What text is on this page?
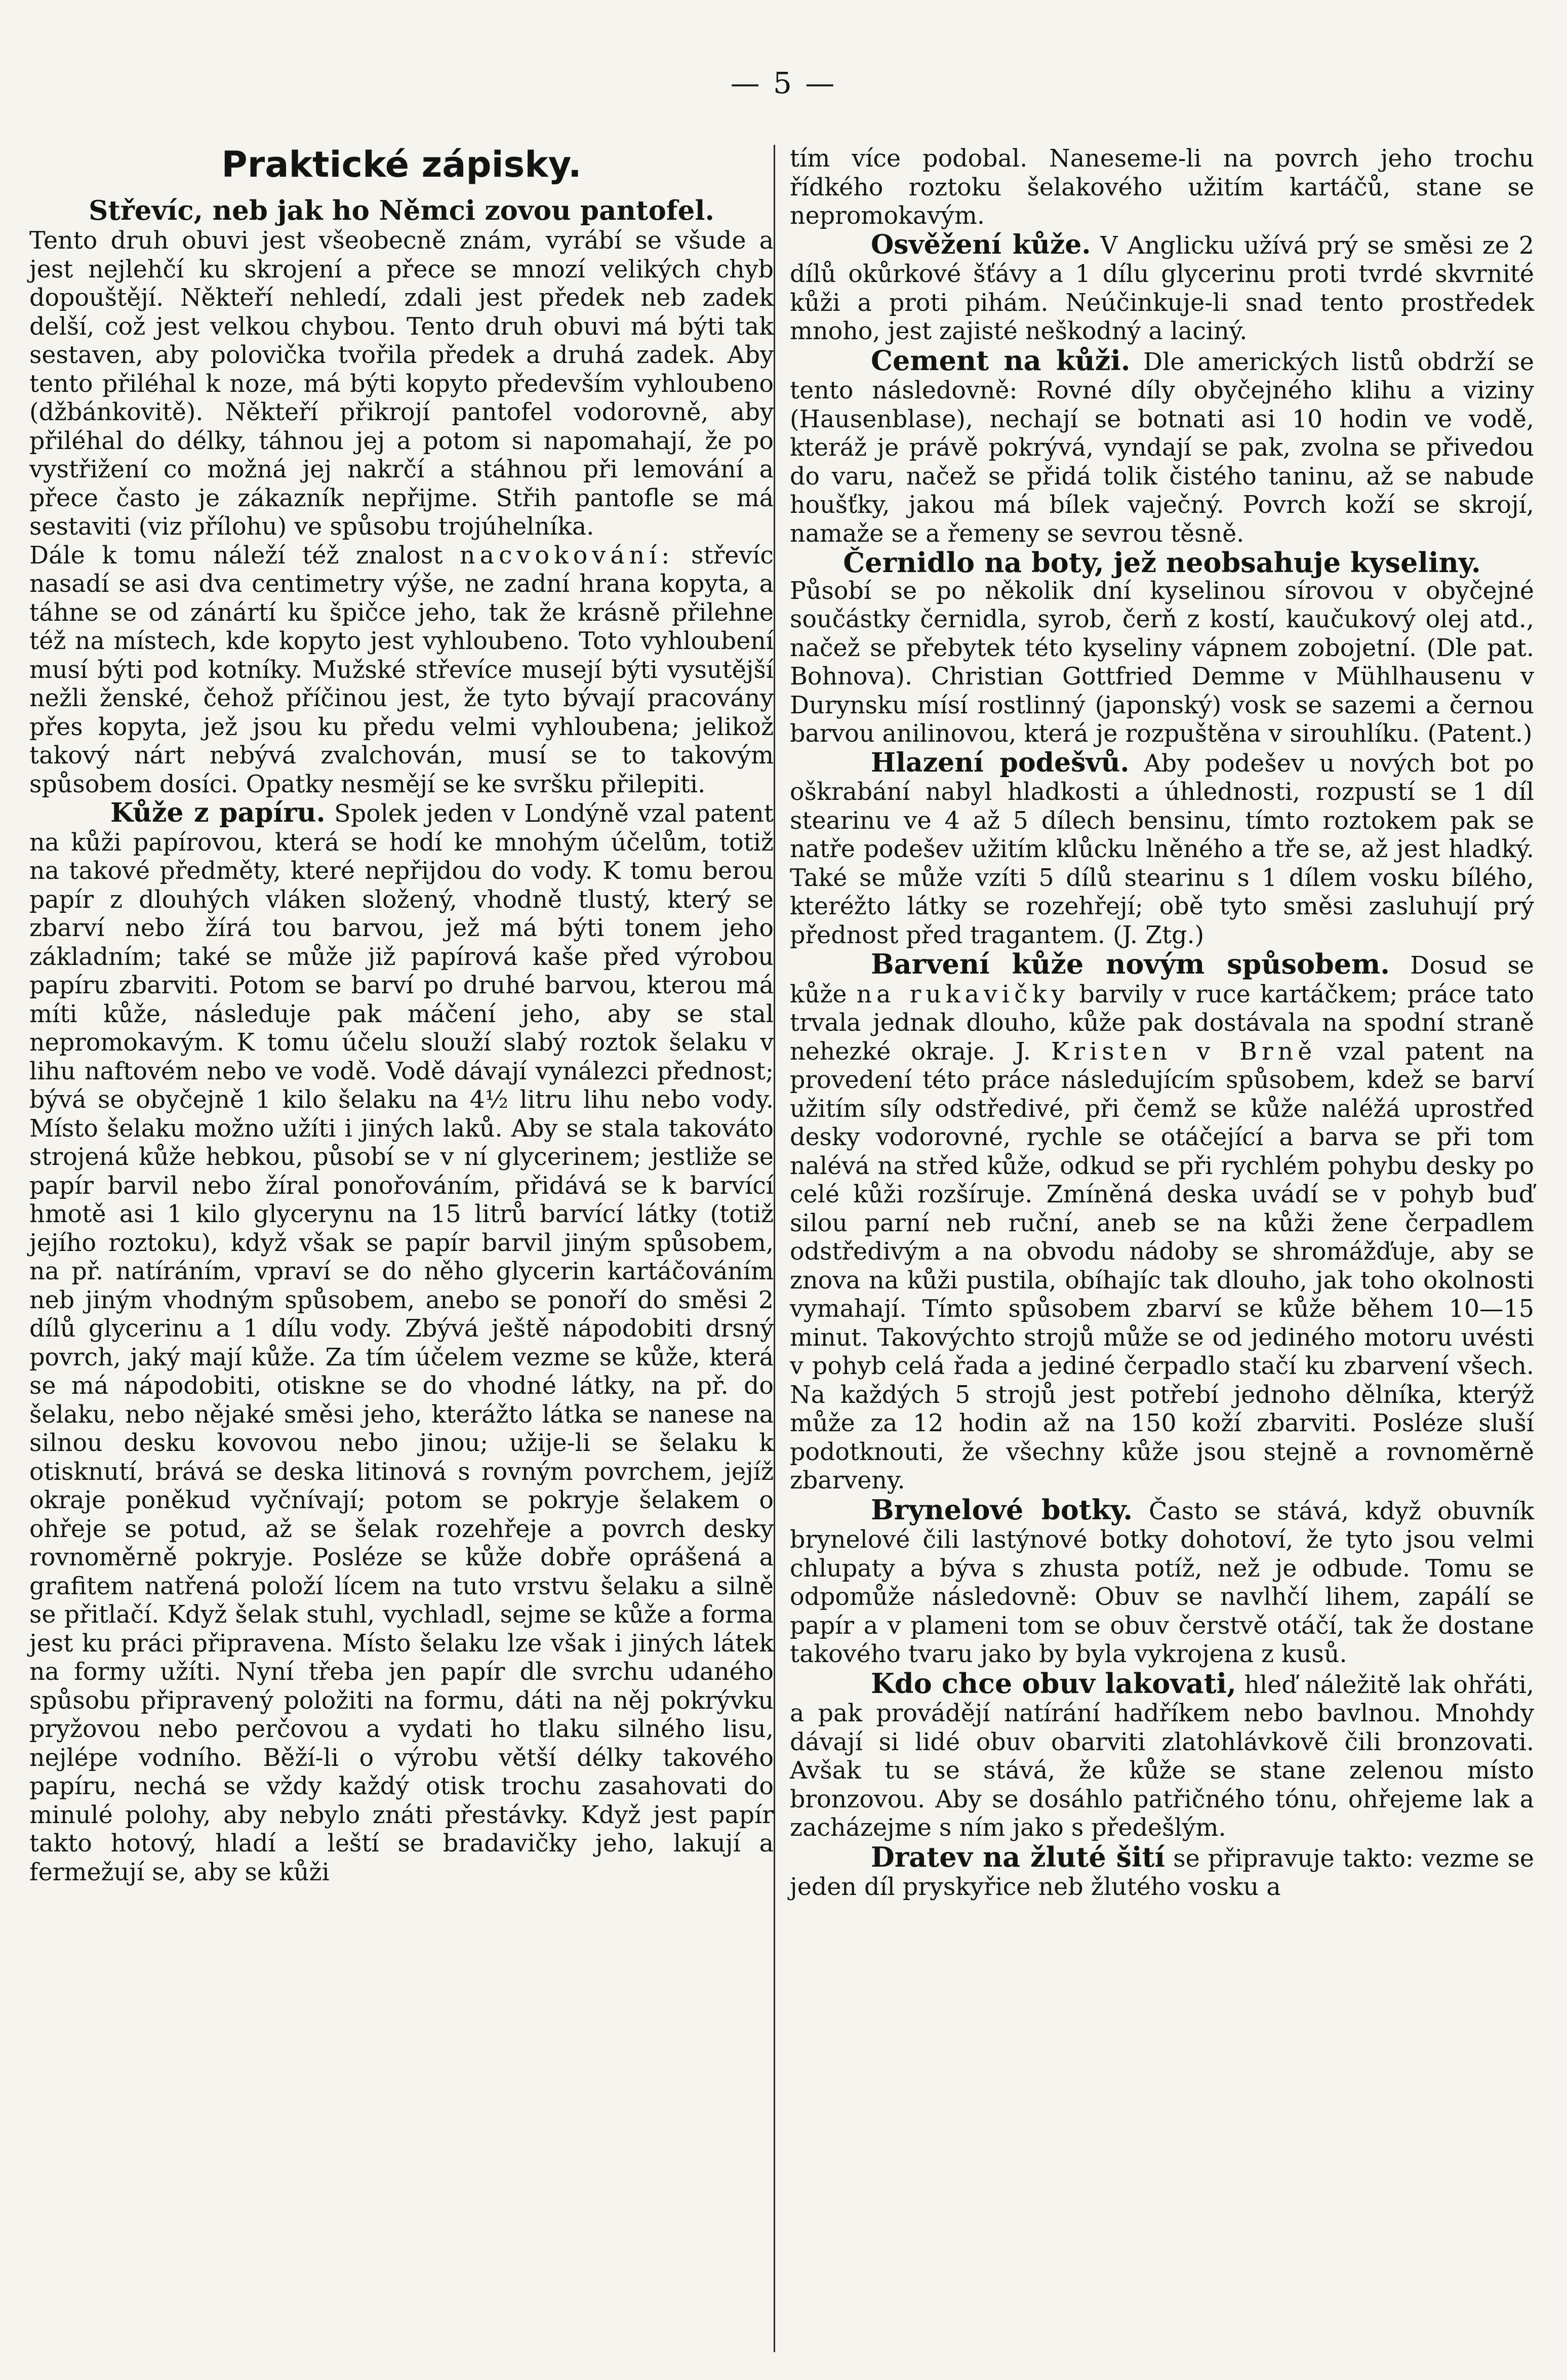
— 5 —
Praktické zápisky.
Střevíc, neb jak ho Němci zovou pantofel.

Tento druh obuvi jest všeobecně znám, vyrábí se všude a jest nejlehčí ku skrojení a přece se mnozí velikých chyb dopouštějí. Někteří nehledí, zdali jest předek neb zadek delší, což jest velkou chybou. Tento druh obuvi má býti tak sestaven, aby polovička tvořila předek a druhá zadek. Aby tento přiléhal k noze, má býti kopyto především vyhloubeno (džbánkovitě). Někteří přikrojí pantofel vodorovně, aby přiléhal do délky, táhnou jej a potom si napomahají, že po vystřižení co možná jej nakrčí a stáhnou při lemování a přece často je zákazník nepřijme. Střih pantofle se má sestaviti (viz přílohu) ve spůsobu trojúhelníka.

Dále k tomu náleží též znalost nacvokování: střevíc nasadí se asi dva centimetry výše, ne zadní hrana kopyta, a táhne se od zánártí ku špičce jeho, tak že krásně přilehne též na místech, kde kopyto jest vyhloubeno. Toto vyhloubení musí býti pod kotníky. Mužské střevíce musejí býti vysutější nežli ženské, čehož příčinou jest, že tyto bývají pracovány přes kopyta, jež jsou ku předu velmi vyhloubena; jelikož takový nárt nebývá zvalchován, musí se to takovým spůsobem dosíci. Opatky nesmějí se ke svršku přilepiti.

Kůže z papíru. Spolek jeden v Londýně vzal patent na kůži papírovou, která se hodí ke mnohým účelům, totiž na takové předměty, které nepřijdou do vody. K tomu berou papír z dlouhých vláken složený, vhodně tlustý, který se zbarví nebo žírá tou barvou, jež má býti tonem jeho základním; také se může již papírová kaše před výrobou papíru zbarviti. Potom se barví po druhé barvou, kterou má míti kůže, následuje pak máčení jeho, aby se stal nepromokavým. K tomu účelu slouží slabý roztok šelaku v lihu naftovém nebo ve vodě. Vodě dávají vynálezci přednost; bývá se obyčejně 1 kilo šelaku na 4½ litru lihu nebo vody. Místo šelaku možno užíti i jiných laků. Aby se stala takováto strojená kůže hebkou, působí se v ní glycerinem; jestliže se papír barvil nebo žíral ponořováním, přidává se k barvící hmotě asi 1 kilo glycerynu na 15 litrů barvící látky (totiž jejího roztoku), když však se papír barvil jiným spůsobem, na př. natíráním, vpraví se do něho glycerin kartáčováním neb jiným vhodným spůsobem, anebo se ponoří do směsi 2 dílů glycerinu a 1 dílu vody. Zbývá ještě nápodobiti drsný povrch, jaký mají kůže. Za tím účelem vezme se kůže, která se má nápodobiti, otiskne se do vhodné látky, na př. do šelaku, nebo nějaké směsi jeho, kterážto látka se nanese na silnou desku kovovou nebo jinou; užije-li se šelaku k otisknutí, brává se deska litinová s rovným povrchem, jejíž okraje poněkud vyčnívají; potom se pokryje šelakem o ohřeje se potud, až se šelak rozehřeje a povrch desky rovnoměrně pokryje. Posléze se kůže dobře oprášená a grafitem natřená položí lícem na tuto vrstvu šelaku a silně se přitlačí. Když šelak stuhl, vychladl, sejme se kůže a forma jest ku práci připravena. Místo šelaku lze však i jiných látek na formy užíti. Nyní třeba jen papír dle svrchu udaného spůsobu připravený položiti na formu, dáti na něj pokrývku pryžovou nebo perčovou a vydati ho tlaku silného lisu, nejlépe vodního. Běží-li o výrobu větší délky takového papíru, nechá se vždy každý otisk trochu zasahovati do minulé polohy, aby nebylo znáti přestávky. Když jest papír takto hotový, hladí a leští se bradavičky jeho, lakují a fermežují se, aby se kůži

tím více podobal. Naneseme-li na povrch jeho trochu řídkého roztoku šelakového užitím kartáčů, stane se nepromokavým.

Osvěžení kůže. V Anglicku užívá prý se směsi ze 2 dílů okůrkové šťávy a 1 dílu glycerinu proti tvrdé skvrnité kůži a proti pihám. Neúčinkuje-li snad tento prostředek mnoho, jest zajisté neškodný a laciný.

Cement na kůži. Dle amerických listů obdrží se tento následovně: Rovné díly obyčejného klihu a viziny (Hausenblase), nechají se botnati asi 10 hodin ve vodě, kteráž je právě pokrývá, vyndají se pak, zvolna se přivedou do varu, načež se přidá tolik čistého taninu, až se nabude houšťky, jakou má bílek vaječný. Povrch koží se skrojí, namaže se a řemeny se sevrou těsně.

Černidlo na boty, jež neobsahuje kyseliny.
Působí se po několik dní kyselinou sírovou v obyčejné součástky černidla, syrob, čerň z kostí, kaučukový olej atd., načež se přebytek této kyseliny vápnem zobojetní. (Dle pat. Bohnova). Christian Gottfried Demme v Mühlhausenu v Durynsku mísí rostlinný (japonský) vosk se sazemi a černou barvou anilinovou, která je rozpuštěna v sirouhlíku. (Patent.)

Hlazení podešvů. Aby podešev u nových bot po oškrabání nabyl hladkosti a úhlednosti, rozpustí se 1 díl stearinu ve 4 až 5 dílech bensinu, tímto roztokem pak se natře podešev užitím klůcku lněného a tře se, až jest hladký. Také se může vzíti 5 dílů stearinu s 1 dílem vosku bílého, kteréžto látky se rozehřejí; obě tyto směsi zasluhují prý přednost před tragantem. (J. Ztg.)

Barvení kůže novým spůsobem. Dosud se kůže na rukavičky barvily v ruce kartáčkem; práce tato trvala jednak dlouho, kůže pak dostávala na spodní straně nehezké okraje. J. Kristen v Brně vzal patent na provedení této práce následujícím spůsobem, kdež se barví užitím síly odstředivé, při čemž se kůže naléžá uprostřed desky vodorovné, rychle se otáčející a barva se při tom nalévá na střed kůže, odkud se při rychlém pohybu desky po celé kůži rozšíruje. Zmíněná deska uvádí se v pohyb buď silou parní neb ruční, aneb se na kůži žene čerpadlem odstředivým a na obvodu nádoby se shromážďuje, aby se znova na kůži pustila, obíhajíc tak dlouho, jak toho okolnosti vymahají. Tímto spůsobem zbarví se kůže během 10—15 minut. Takovýchto strojů může se od jediného motoru uvésti v pohyb celá řada a jediné čerpadlo stačí ku zbarvení všech. Na každých 5 strojů jest potřebí jednoho dělníka, kterýž může za 12 hodin až na 150 koží zbarviti. Posléze sluší podotknouti, že všechny kůže jsou stejně a rovnoměrně zbarveny.

Brynelové botky. Často se stává, když obuvník brynelové čili lastýnové botky dohotoví, že tyto jsou velmi chlupaty a býva s zhusta potíž, než je odbude. Tomu se odpomůže následovně: Obuv se navlhčí lihem, zapálí se papír a v plameni tom se obuv čerstvě otáčí, tak že dostane takového tvaru jako by byla vykrojena z kusů.

Kdo chce obuv lakovati, hleď náležitě lak ohřáti, a pak provádějí natírání hadříkem nebo bavlnou. Mnohdy dávají si lidé obuv obarviti zlatohlávkově čili bronzovati. Avšak tu se stává, že kůže se stane zelenou místo bronzovou. Aby se dosáhlo patřičného tónu, ohřejeme lak a zacházejme s ním jako s předešlým.

Dratev na žluté šití se připravuje takto: vezme se jeden díl pryskyřice neb žlutého vosku a
